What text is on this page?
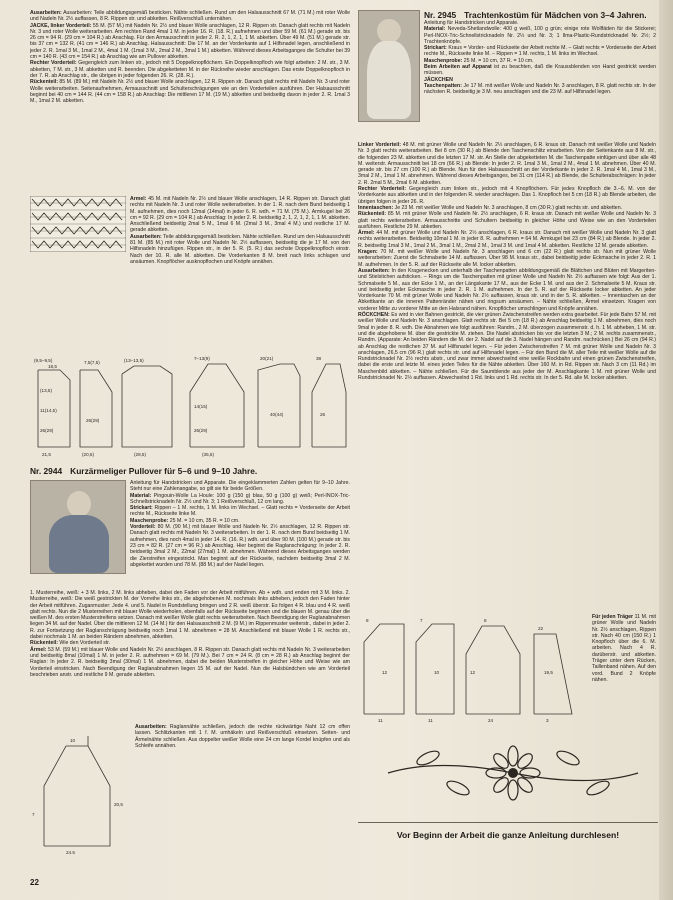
Ausarbeiten: Ausarbeiten: Teile abbildungsgemäß besticken. Nähte schließen. Rund um den Halsausschnitt 67 M. (71 M.) mit roter Wolle und Nadeln Nr. 2½ auffassen, 8 R. Rippen str. und abketten. Reißverschluß unternähen.

JACKE, linker Vorderteil: 55 M. (57 M.) mit Nadeln Nr. 2½ und blauer Wolle anschlagen, 12 R. Rippen str. Danach glatt rechts mit Nadeln Nr. 3 und roter Wolle weiterarbeiten. Am rechten Rand 4mal 1 M. in jeder 16. R. (18. R.) aufnehmen und über 59 M. (61 M.) gerade str. bis 26 cm = 94 R. (29 cm = 104 R.) ab Anschlag. Für den Armausschnitt in jeder 2. R. 2, 1, 2, 1, 1 M. abketten. Über 49 M. (51 M.) gerade str. bis 37 cm = 132 R. (41 cm = 146 R.) ab Anschlag. Halsausschnitt: Die 17 M. an der Vorderkante auf 1 Hilfsnadel legen, anschließend in jeder 2. R. 1mal 3 M., 1mal 2 M., 4mal 1 M. (1mal 3 M., 2mal 2 M., 3mal 1 M.) abketten. Während dieses Arbeitsganges die Schulter bei 39 cm = 140 R. (43 cm = 154 R.) ab Anschlag wie am Pullover abketten.

Rechter Vorderteil: Gegengleich zum linken str., jedoch mit 5 Doppelknopflöchern. Ein Doppelknopfloch wie folgt arbeiten: 2 M. str., 3 M. abketten, 7 M. str., 3 M. abketten und R. beenden. Die abgeketteten M. in der Rückreihe wieder anschlagen. Das erste Doppelknopfloch in der 7. R. ab Anschlag str., die übrigen in jeder folgenden 26. R. (28. R.).

Rückenteil: 85 M. (89 M.) mit Nadeln Nr. 2½ und blauer Wolle anschlagen, 12 R. Rippen str. Danach glatt rechts mit Nadeln Nr. 3 und roter Wolle weiterarbeiten. Seitenaufnehmen, Armausschnitt und Schulterschrägungen wie an den Vorderteilen ausführen. Der Halsausschnitt beginnt bei 40 cm = 144 R. (44 cm = 158 R.) ab Anschlag: Die mittleren 17 M. (19 M.) abketten und beidseitig davon in jeder 2. R. 1mal 3 M., 1mal 2 M. abketten.

Ärmel: 45 M. mit Nadeln Nr. 2½ und blauer Wolle anschlagen, 14 R. Rippen str. Danach glatt rechts mit Nadeln Nr. 3 und roter Wolle weiterarbeiten. In der 1. R. nach dem Bund beidseitig 1 M. aufnehmen, dies noch 12mal (14mal) in jeder 6. R. wdh. = 71 M. (75 M.). Armkugel bei 26 cm = 92 R. (29 cm = 104 R.) ab Anschlag: In jeder 2. R. beidseitig 2, 1, 2, 1, 2, 1, 1 M. abketten. Anschließend beidseitig 2mal 5 M., 1mal 6 M. (2mal 3 M., 3mal 4 M.) und restliche 17 M. gerade abketten.

Ausarbeiten: Teile abbildungsgemäß besticken. Nähte schließen. Rund um den Halsausschnitt 81 M. (85 M.) mit roter Wolle und Nadeln Nr. 2½ auffassen, beidseitig die je 17 M. von den Hilfsnadeln hinzufügen. Rippen str., in der 5. R. (5. R.) das sechste Doppelknopfloch einstr. Nach der 10. R. alle M. abketten. Die Vorderkanten 8 M. breit nach links schlagen und ansäumen. Knopflöcher ausknopflochen und Knöpfe annähen.

(9,5–9,5)
18,5
(13,5)
11(14,5)
26(29)
21,5	(20,5)
7,5(7,5)
26(29)
(13–13,5)
(28,5)
7–13(9)
14(15)
26(29)
(35,5)
20(21)
40(44)
38
26

Nr. 2944 Kurzärmeliger Pullover für 5–6 und 9–10 Jahre.

Anleitung für Handstricken und Apparate. Die eingeklammerten Zahlen gelten für 9–10 Jahre. Steht nur eine Zahlenangabe, so gilt sie für beide Größen.

Material: Pingouin-Wolle La Houle: 100 g (150 g) blau, 50 g (100 g) weiß; Perl-INOX-Tric-Schnellstricknadeln Nr. 2½ und Nr. 3; 1 Reißverschluß, 12 cm lang.

Strickart: Rippen – 1 M. rechts, 1 M. links im Wechsel. – Glatt rechts = Vorderseite der Arbeit rechte M., Rückseite linke M.

Maschenprobe: 25 M. = 10 cm, 35 R. = 10 cm.

Vorderteil: 80 M. (90 M.) mit blauer Wolle und Nadeln Nr. 2½ anschlagen, 12 R. Rippen str. Danach glatt rechts mit Nadeln Nr. 3 weiterarbeiten. In der 1. R. nach dem Bund beidseitig 1 M. aufnehmen, dies noch 4mal in jeder 14. R. (16. R.) wdh. und über 90 M. (100 M.) gerade str. bis 23 cm = 82 R. (27 cm = 96 R.) ab Anschlag. Hier beginnt die Raglanschrägung: In jeder 2. R. beidseitig 3mal 2 M., 22mal (27mal) 1 M. abnehmen. Während dieses Arbeitsganges werden die Zierstreifen eingestrickt. Man beginnt auf der Rückseite, nachdem beidseitig 3mal 2 M. abgekettet wurden und 78 M. (88 M.) auf der Nadel liegen.

1. Musterreihe, weiß: + 3 M. links, 2 M. links abheben, dabei den Faden vor der Arbeit mitführen. Ab + wdh. und enden mit 3 M. links. 2. Musterreihe, weiß: Die weiß gestrickten M. der Vorreihe links str., die abgehobenen M. nochmals links abheben, jedoch den Faden hinter der Arbeit mitführen. Zuganmuster: Jede 4. und 5. Nadel in Rundstellung bringen und 2 R. weiß überstr. Es folgen 4 R. blau und 4 R. weiß glatt rechts. Nun die 2 Musterreihen mit blauer Wolle wiederholen, ebenfalls auf der Rückseite beginnen und die blauen M. genau über die weißen M. des ersten Musterstreifens setzen. Danach mit weißer Wolle glatt rechts weiterarbeiten. Nach Beendigung der Raglanabnahmen liegen 34 M. auf der Nadel. Über die mittleren 12 M. (14 M.) für den Halsausschnitt 2 M. (9 M.) im Rippenmuster weiterstr., dabei in jeder 2. R. zur Fortsetzung der Raglanschrägung beidseitig noch 1mal 1 M. abnehmen = 28 M. Anschließend mit blauer Wolle 1 R. rechts str., dabei nochmals 1 M. an beiden Rändern abnehmen, abketten.

Rückenteil: Wie den Vorderteil str.

Ärmel: 53 M. (59 M.) mit blauer Wolle und Nadeln Nr. 2½ anschlagen, 8 R. Rippen str. Danach glatt rechts mit Nadeln Nr. 3 weiterarbeiten und beidseitig 8mal (10mal) 1 M. in jeder 2. R. aufnehmen = 69 M. (79 M.). Bei 7 cm = 24 R. (8 cm = 28 R.) ab Anschlag beginnt der Raglan: In jeder 2. R. beidseitig 3mal (30mal) 1 M. abnehmen, dabei die beiden Musterstreifen in gleicher Höhe und Weise wie am Vorderteil einstricken. Nach Beendigung der Raglanabnahmen liegen 15 M. auf der Nadel. Nun die Halsbündchen wie am Vorderteil beschrieben anstr. und restliche 9 M. gerade abketten.

7
10
20,5
24,5

Ausarbeiten: Raglannähte schließen, jedoch die rechte rückwärtige Naht 12 cm offen lassen. Schlitzkanten mit 1 f. M. umhäkeln und Reißverschluß einsetzen. Seiten- und Ärmelnähte schließen. Aus doppelter weißer Wolle eine 24 cm lange Kordel knüpfen und als Schleife annähen.

22

Nr. 2945 Trachtenkostüm für Mädchen von 3–4 Jahren.

Anleitung für Handstricken und Apparate.

Material: Neveda-Shetlandwolle: 400 g weiß, 100 g grün; einige rote Wollfäden für die Stickerei; Perl-INOX-Tric-Schnellstricknadeln Nr. 2½ und Nr. 3; 1 Ilma-Plastic-Rundstricknadel Nr. 2½; 2 Trachtenknöpfe.

Strickart: Kraus = Vorder- und Rückseite der Arbeit rechte M. – Glatt rechts = Vorderseite der Arbeit rechte M., Rückseite linke M. – Rippen = 1 M. rechts, 1 M. links im Wechsel.

Maschenprobe: 25 M. = 10 cm, 37 R. = 10 cm.

Beim Arbeiten auf Apparat ist zu beachten, daß die Kraussblenden von Hand gestrickt werden müssen.

JÄCKCHEN

Taschenpatten: Je 17 M. mit weißer Wolle und Nadeln Nr. 3 anschlagen, 8 R. glatt rechts str. In der nächsten R. beidseitig je 3 M. neu anschlagen und die 23 M. auf Hilfsnadel legen.

Linker Vorderteil: 48 M. mit grüner Wolle und Nadeln Nr. 2½ anschlagen, 6 R. kraus str. Danach mit weißer Wolle und Nadeln Nr. 3 glatt rechts weiterarbeiten. Bei 8 cm (30 R.) ab Blende den Taschenschlitz einarbeiten. Von der Seitenkante aus 8 M. str., die folgenden 23 M. abketten und die letzten 17 M. str. An Stelle der abgeketteten M. die Taschenpatte einfügen und über alle 48 M. weiterstr. Armausschnitt bei 18 cm (66 R.) ab Blende: In jeder 2. R. 1mal 3 M., 1mal 2 M., 4mal 1 M. abnehmen. Über 40 M. gerade str. bis 27 cm (100 R.) ab Blende. Nun für den Halsausschnitt an der Vorderkante in jeder 2. R. 1mal 4 M., 1mal 3 M., 3mal 2 M., 1mal 1 M. abnehmen. Während dieses Arbeitsganges, bei 31 cm (114 R.) ab Blende, die Schulterabschrägen: In jeder 2. R. 2mal 5 M., 2mal 6 M. abketten.

Rechter Vorderteil: Gegengleich zum linken str., jedoch mit 4 Knopflöchern. Für jedes Knopfloch die 3.–6. M. von der Vorderkante aus abketten und in der folgenden R. wieder anschlagen. Das 1. Knopfloch bei 5 cm (18 R.) ab Blende arbeiten, die übrigen folgen in jeder 26. R.

Innentaschen: Je 23 M. mit weißer Wolle und Nadeln Nr. 3 anschlagen, 8 cm (30 R.) glatt rechts str. und abketten.

Rückenteil: 85 M. mit grüner Wolle und Nadeln Nr. 2½ anschlagen, 6 R. kraus str. Danach mit weißer Wolle und Nadeln Nr. 3 glatt rechts weiterarbeiten. Armausschnitte und Schultern beidseitig in gleicher Höhe und Weise wie an den Vorderteilen ausführen. Restliche 29 M. abketten.

Ärmel: 44 M. mit grüner Wolle und Nadeln Nr. 2½ anschlagen, 6 R. kraus str. Danach mit weißer Wolle und Nadeln Nr. 3 glatt rechts weiterarbeiten. Beidseitig 10mal 1 M. in jeder 8. R. aufnehmen = 64 M. Armkugel bei 23 cm (84 R.) ab Blende. In jeder 2. R. beidseitig 1mal 3 M., 1mal 2 M., 3mal 1 M., 2mal 2 M., 1mal 3 M. und 1mal 4 M. abketten. Restliche 12 M. gerade abketten.

Kragen: 70 M. mit weißer Wolle und Nadeln Nr. 3 anschlagen und 6 cm (22 R.) glatt rechts str. Nun mit grüner Wolle weiterarbeiten: Zuerst die Schmalseite 14 M. auffassen. Über 98 M. kraus str., dabei beidseitig jeder Eckmasche in jeder 2. R. 1 M. aufnehmen. In der 5. R. auf der Rückseite alle M. locker abketten.

Ausarbeiten: In den Kragenecken und unterhalb der Taschenpatten abbildungsgemäß die Blättchen und Blüten mit Margeriten- und Stielstichen aufsticken. – Rings um die Taschenpatten mit grüner Wolle und Nadeln Nr. 2½ auffassen wie folgt: Aus der 1. Schmalseite 5 M., aus der Ecke 1 M., an der Längskante 17 M., aus der Ecke 1 M. und aus der 2. Schmalseite 5 M. Kraus str. und beidseitig jeder Eckmasche in jeder 2. R. 1 M. aufnehmen. In der 5. R. auf der Rückseite locker abketten. An jeder Vorderkante 70 M. mit grüner Wolle und Nadeln Nr. 2½ auffassen, kraus str. und in der 5. R. abketten. – Innentaschen an der Abkettkante an die inneren Pattenränder nähen und ringsum ansäumen. – Nähte schließen, Ärmel einsetzen. Kragen von vorderer Mitte zu vorderer Mitte an den Halsrand nähen. Knopflöcher umschlingen und Knöpfe annähen.

RÖCKCHEN: Es wird in vier Bahnen gestrickt, die vier grünen Zwischenstreifen werden extra gearbeitet. Für jede Bahn 57 M. mit weißer Wolle und Nadeln Nr. 3 anschlagen. Glatt rechts str. Bei 5 cm (18 R.) ab Anschlag beidseitig 1 M. abnehmen, dies noch 9mal in jeder 8. R. wdh. Die Abnahmen wie folgt ausführen: Randm., 2 M. überzogen zusammenstr. d. h. 1 M. abheben, 1 M. str. und die abgehobene M. über die gestrickte M. ziehen. Die Nadel abstricken bis vor die letzten 3 M.; 2 M. rechts zusammenstr., Randm. (Apparate: An beiden Rändern die M. der 2. Nadel auf die 3. Nadel hängen und Randm. nachrücken.) Bei 26 cm (94 R.) ab Anschlag die restlichen 37 M. auf Hilfsnadel legen. – Für jeden Zwischenstreifen 7 M. mit grüner Wolle und Nadeln Nr. 3 anschlagen, 26,5 cm (96 R.) glatt rechts str. und auf Hilfsnadel legen. – Für den Bund die M. aller Teile mit weißer Wolle auf die Rundstricknadel Nr. 2½ rechts abstr., und zwar immer abwechselnd eine weiße Rockbahn und einen grünen Zwischenstreifen, dabei die erste und letzte M. eines jeden Teiles für die Nähte abketten. Über 160 M. in Rd. Rippen str. Nach 3 cm (11 Rd.) im Maschenbild abketten. – Nähte schließen. Für die Saumblende aus jeder der M. Anschlagkante 1 M. mit grüner Wolle und Rundstricknadel Nr. 2½ auffassen. Abwechselnd 1 Rd. links und 1 Rd. rechts str. In der 5. Rd. alle M. locker abketten.

8
12
11	11
7
10
8
12
24
22
19,5
3

Für jeden Träger 11 M. mit grüner Wolle und Nadeln Nr. 2½ anschlagen, Rippen str. Nach 40 cm (150 R.) 1 Knopfloch über die 6. M. arbeiten. Nach 4 R. darüberstr. und abketten. Träger unter dem Rücken, Taillenband nähen. Auf den vord. Bund 2 Knöpfe nähen.

Vor Beginn der Arbeit die ganze Anleitung durchlesen!
